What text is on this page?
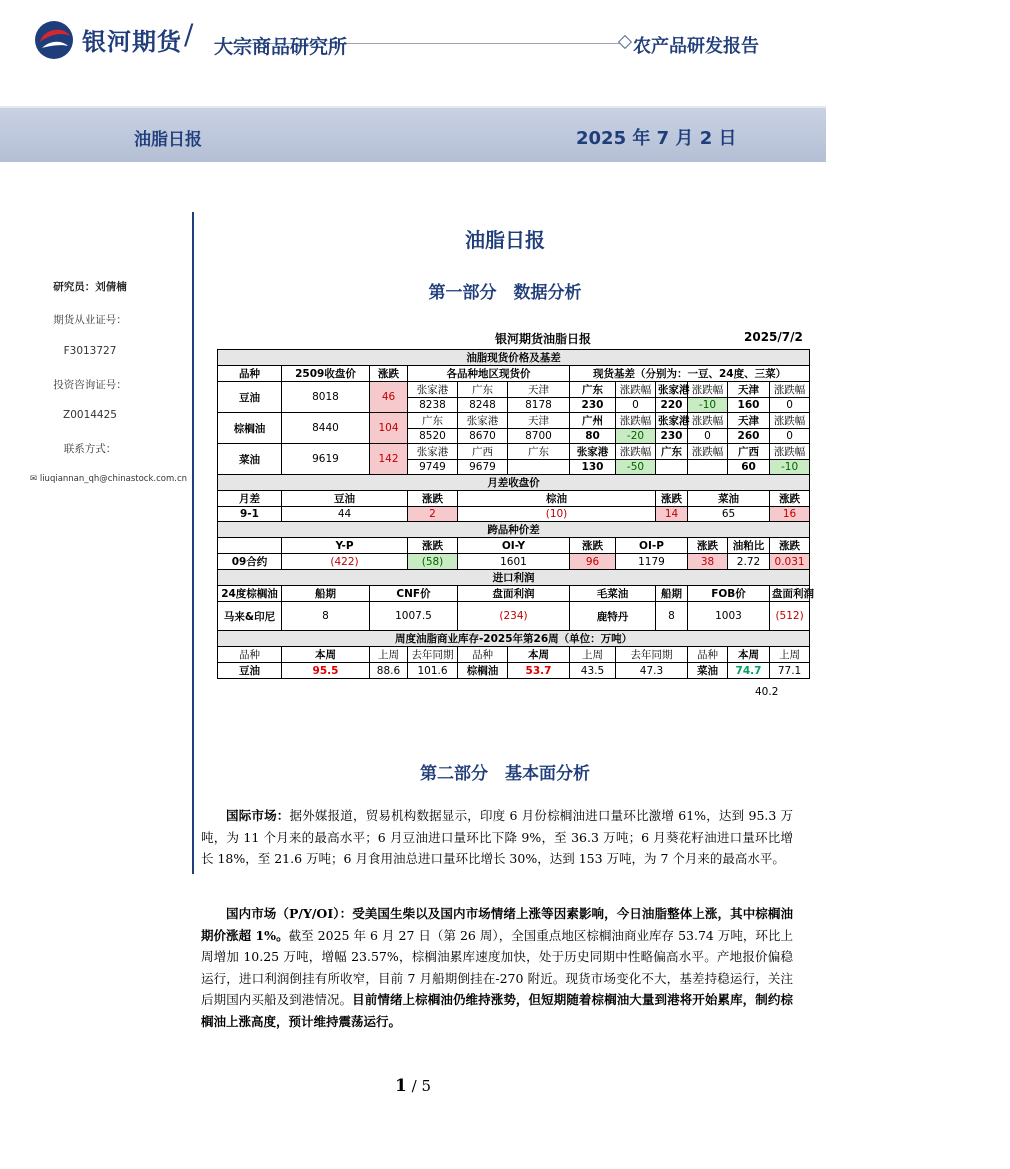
银河期货 / 大宗商品研究所	农产品研发报告
油脂日报	2025 年 7 月 2 日
研究员：刘倩楠
期货从业证号：
F3013727
投资咨询证号：
Z0014425
联系方式：
✉ liuqiannan_qh@chinastock.com.cn
油脂日报
第一部分　数据分析
银河期货油脂日报	2025/7/2
油脂现货价格及基差											
品种	2509收盘价	涨跌	各品种地区现货价			现货基差（分别为：一豆、24度、三菜）					
豆油	8018	46	张家港	广东	天津	广东	涨跌幅	张家港	涨跌幅	天津	涨跌幅
			8238	8248	8178	230	0	220	-10	160	0
棕榈油	8440	104	广东	张家港	天津	广州	涨跌幅	张家港	涨跌幅	天津	涨跌幅
			8520	8670	8700	80	-20	230	0	260	0
菜油	9619	142	张家港	广西	广东	张家港	涨跌幅	广东	涨跌幅	广西	涨跌幅
			9749	9679		130	-50			60	-10
月差收盘价											
月差	豆油		涨跌	棕油				涨跌	菜油		涨跌
9-1	44		2	(10)				14	65		16
跨品种价差											
	Y-P		涨跌	OI-Y		涨跌	OI-P		涨跌	油粕比	涨跌
09合约	(422)		(58)	1601		96	1179		38	2.72	0.031
进口利润											
24度棕榈油	船期	CNF价		盘面利润		毛菜油		船期	FOB价		盘面利润
马来&印尼	8	1007.5		(234)		鹿特丹		8	1003		(512)
周度油脂商业库存-2025年第26周（单位：万吨）											
品种	本周	上周	去年同期	品种	本周	上周	去年同期		品种	本周	上周
豆油	95.5	88.6	101.6	棕榈油	53.7	43.5	47.3		菜油	74.7	77.1
40.2
第二部分　基本面分析
国际市场：据外媒报道，贸易机构数据显示，印度 6 月份棕榈油进口量环比激增 61%，达到 95.3 万吨，为 11 个月来的最高水平；6 月豆油进口量环比下降 9%，至 36.3 万吨；6 月葵花籽油进口量环比增长 18%，至 21.6 万吨；6 月食用油总进口量环比增长 30%，达到 153 万吨，为 7 个月来的最高水平。
国内市场（P/Y/OI）：受美国生柴以及国内市场情绪上涨等因素影响，今日油脂整体上涨，其中棕榈油期价涨超 1%。截至 2025 年 6 月 27 日（第 26 周），全国重点地区棕榈油商业库存 53.74 万吨，环比上周增加 10.25 万吨，增幅 23.57%，棕榈油累库速度加快，处于历史同期中性略偏高水平。产地报价偏稳运行，进口利润倒挂有所收窄，目前 7 月船期倒挂在-270 附近。现货市场变化不大，基差持稳运行，关注后期国内买船及到港情况。目前情绪上棕榈油仍维持涨势，但短期随着棕榈油大量到港将开始累库，制约棕榈油上涨高度，预计维持震荡运行。
1 / 5
